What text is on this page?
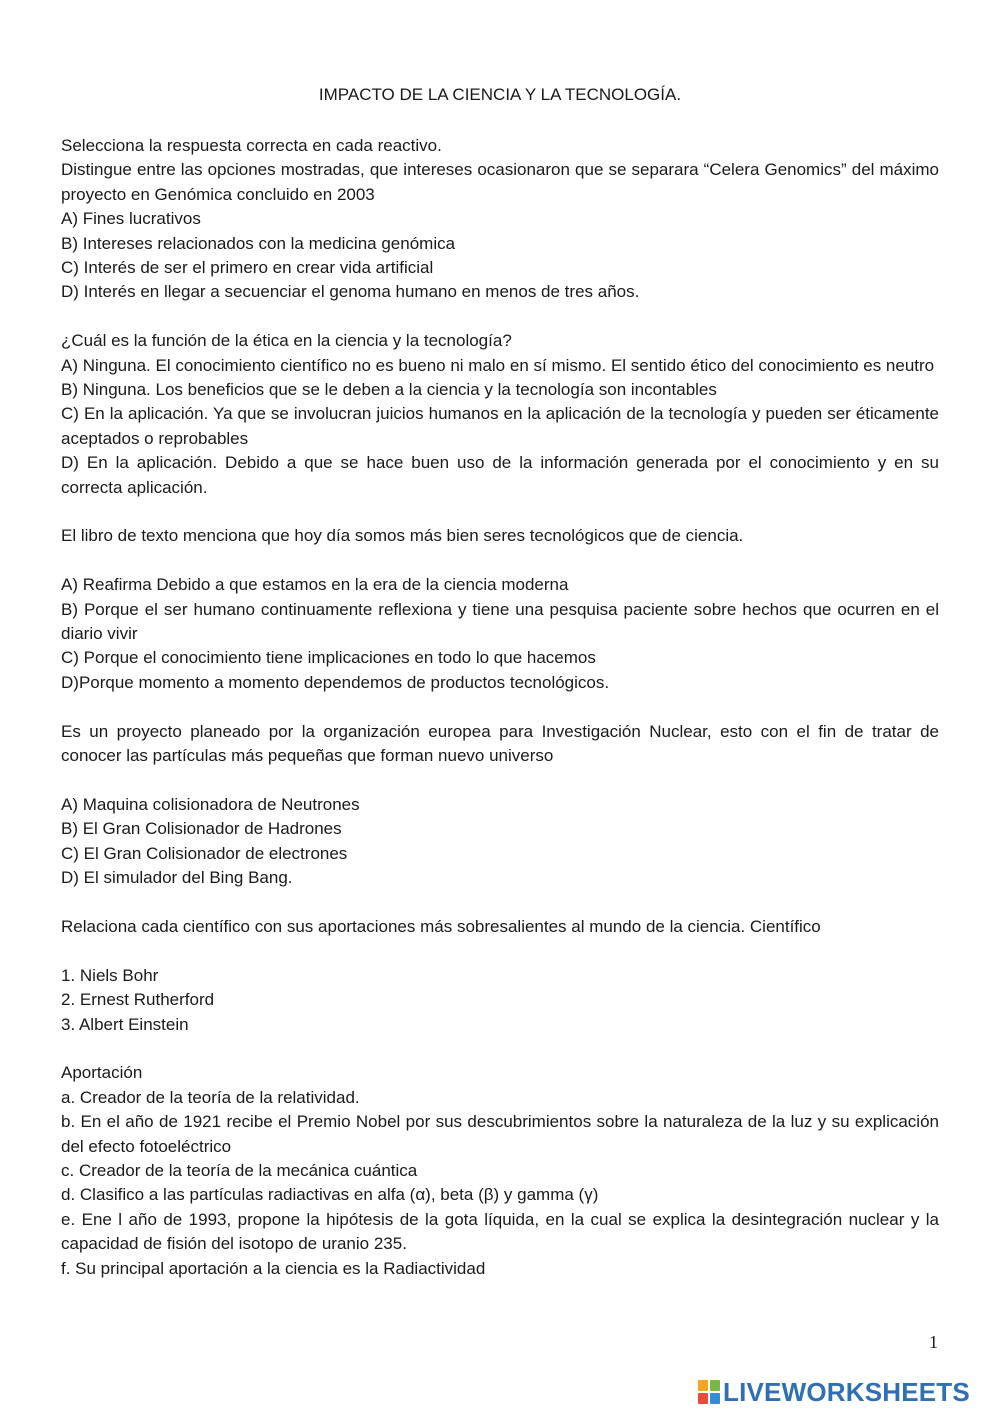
IMPACTO DE LA CIENCIA Y LA TECNOLOGÍA.
Selecciona la respuesta correcta en cada reactivo.
Distingue entre las opciones mostradas, que intereses ocasionaron que se separara “Celera Genomics” del máximo proyecto en Genómica concluido en 2003
A) Fines lucrativos
B) Intereses relacionados con la medicina genómica
C) Interés de ser el primero en crear vida artificial
D) Interés en llegar a secuenciar el genoma humano en menos de tres años.
¿Cuál es la función de la ética en la ciencia y la tecnología?
A) Ninguna. El conocimiento científico no es bueno ni malo en sí mismo. El sentido ético del conocimiento es neutro
B) Ninguna. Los beneficios que se le deben a la ciencia y la tecnología son incontables
C) En la aplicación. Ya que se involucran juicios humanos en la aplicación de la tecnología y pueden ser éticamente aceptados o reprobables
D) En la aplicación. Debido a que se hace buen uso de la información generada por el conocimiento y en su correcta aplicación.
El libro de texto menciona que hoy día somos más bien seres tecnológicos que de ciencia.
A) Reafirma Debido a que estamos en la era de la ciencia moderna
B) Porque el ser humano continuamente reflexiona y tiene una pesquisa paciente sobre hechos que ocurren en el diario vivir
C) Porque el conocimiento tiene implicaciones en todo lo que hacemos
D)Porque momento a momento dependemos de productos tecnológicos.
Es un proyecto planeado por la organización europea para Investigación Nuclear, esto con el fin de tratar de conocer las partículas más pequeñas que forman nuevo universo
A) Maquina colisionadora de Neutrones
B) El Gran Colisionador de Hadrones
C) El Gran Colisionador de electrones
D) El simulador del Bing Bang.
Relaciona cada científico con sus aportaciones más sobresalientes al mundo de la ciencia. Científico
1. Niels Bohr
2. Ernest Rutherford
3. Albert Einstein
Aportación
a. Creador de la teoría de la relatividad.
b. En el año de 1921 recibe el Premio Nobel por sus descubrimientos sobre la naturaleza de la luz y su explicación del efecto fotoeléctrico
c. Creador de la teoría de la mecánica cuántica
d. Clasifico a las partículas radiactivas en alfa (α), beta (β) y gamma (γ)
e. Ene l año de 1993, propone la hipótesis de la gota líquida, en la cual se explica la desintegración nuclear y la capacidad de fisión del isotopo de uranio 235.
f. Su principal aportación a la ciencia es la Radiactividad
1
LIVEWORKSHEETS
